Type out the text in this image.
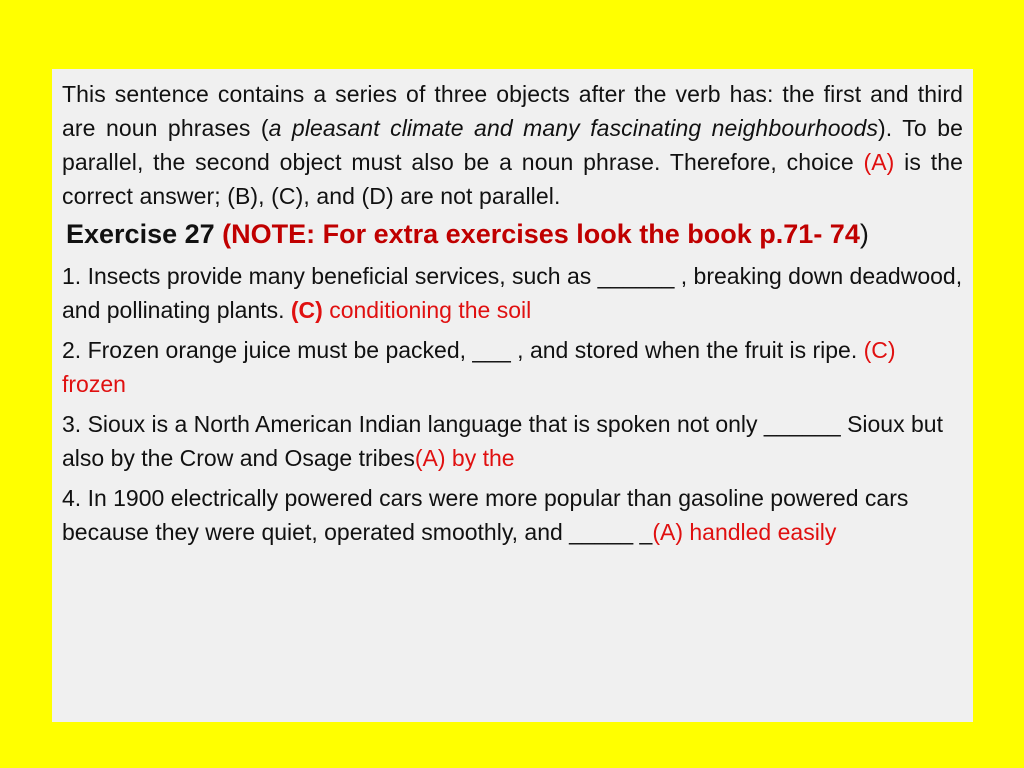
This sentence contains a series of three objects after the verb has: the first and third are noun phrases (a pleasant climate and many fascinating neighbourhoods). To be parallel, the second object must also be a noun phrase. Therefore, choice (A) is the correct answer; (B), (C), and (D) are not parallel.

Exercise 27 (NOTE: For extra exercises look the book p.71- 74)

1. Insects provide many beneficial services, such as ______ , breaking down deadwood, and pollinating plants. (C) conditioning the soil

2. Frozen orange juice must be packed, ___ , and stored when the fruit is ripe. (C) frozen

3. Sioux is a North American Indian language that is spoken not only ______ Sioux but also by the Crow and Osage tribes(A) by the

4. In 1900 electrically powered cars were more popular than gasoline powered cars because they were quiet, operated smoothly, and _____ _(A) handled easily
